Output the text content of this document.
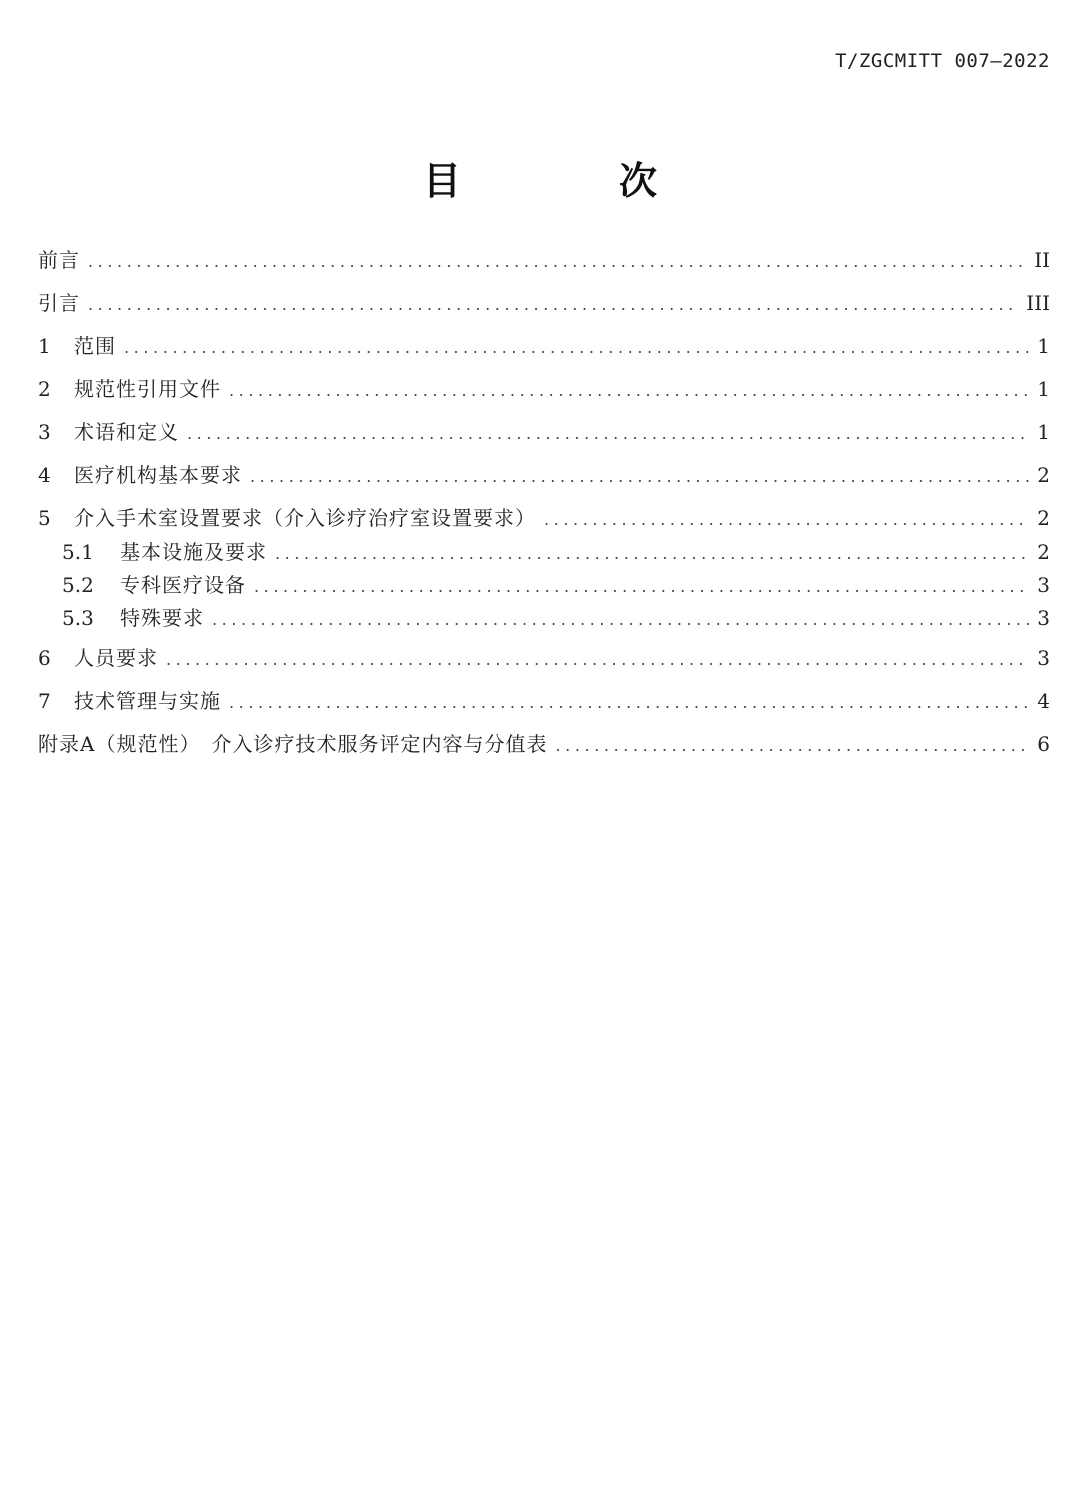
T/ZGCMITT 007—2022
目　次
前言 .....	II
引言 .....	III
1	范围 .....	1
2	规范性引用文件 .....	1
3	术语和定义 .....	1
4	医疗机构基本要求 .....	2
5	介入手术室设置要求（介入诊疗治疗室设置要求） .....	2
5.1	基本设施及要求 .....	2
5.2	专科医疗设备 .....	3
5.3	特殊要求 .....	3
6	人员要求 .....	3
7	技术管理与实施 .....	4
附录A（规范性）　介入诊疗技术服务评定内容与分值表 .....	6
